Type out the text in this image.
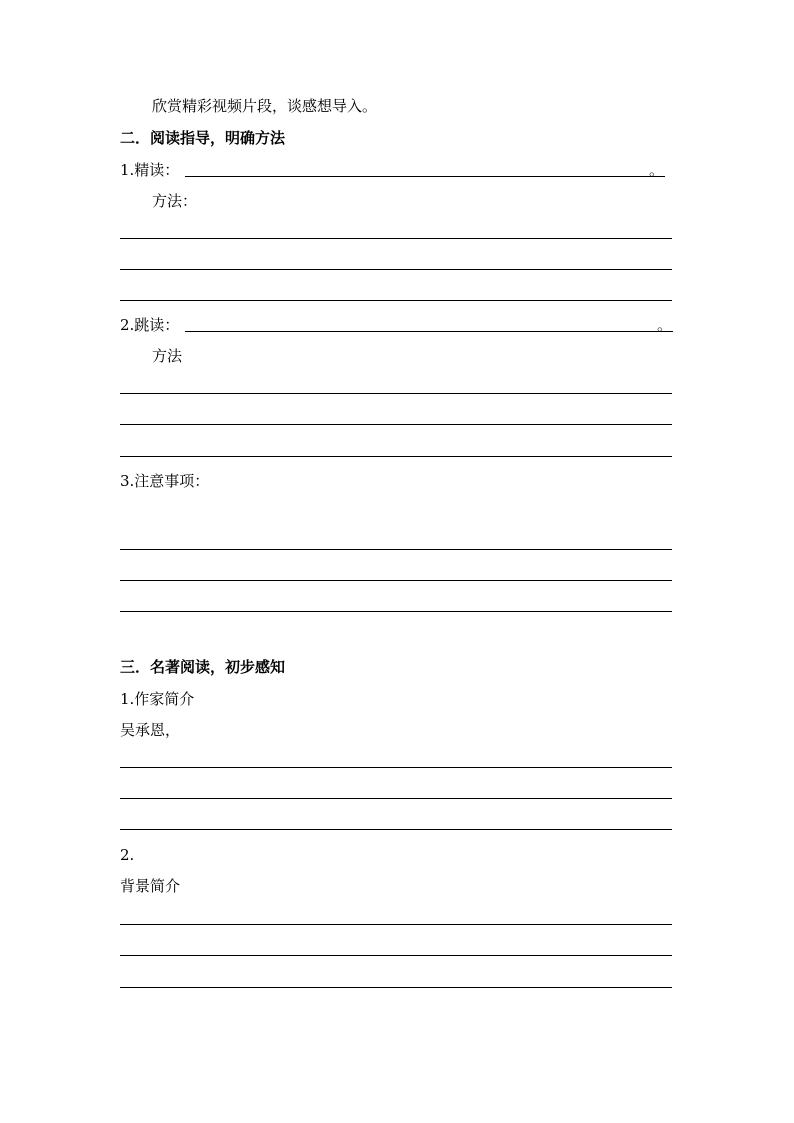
欣赏精彩视频片段，谈感想导入。
二．阅读指导，明确方法
1.精读：	。
方法：
2.跳读：	。
方法
3.注意事项：
三．名著阅读，初步感知
1.作家简介
吴承恩，
2.
背景简介
